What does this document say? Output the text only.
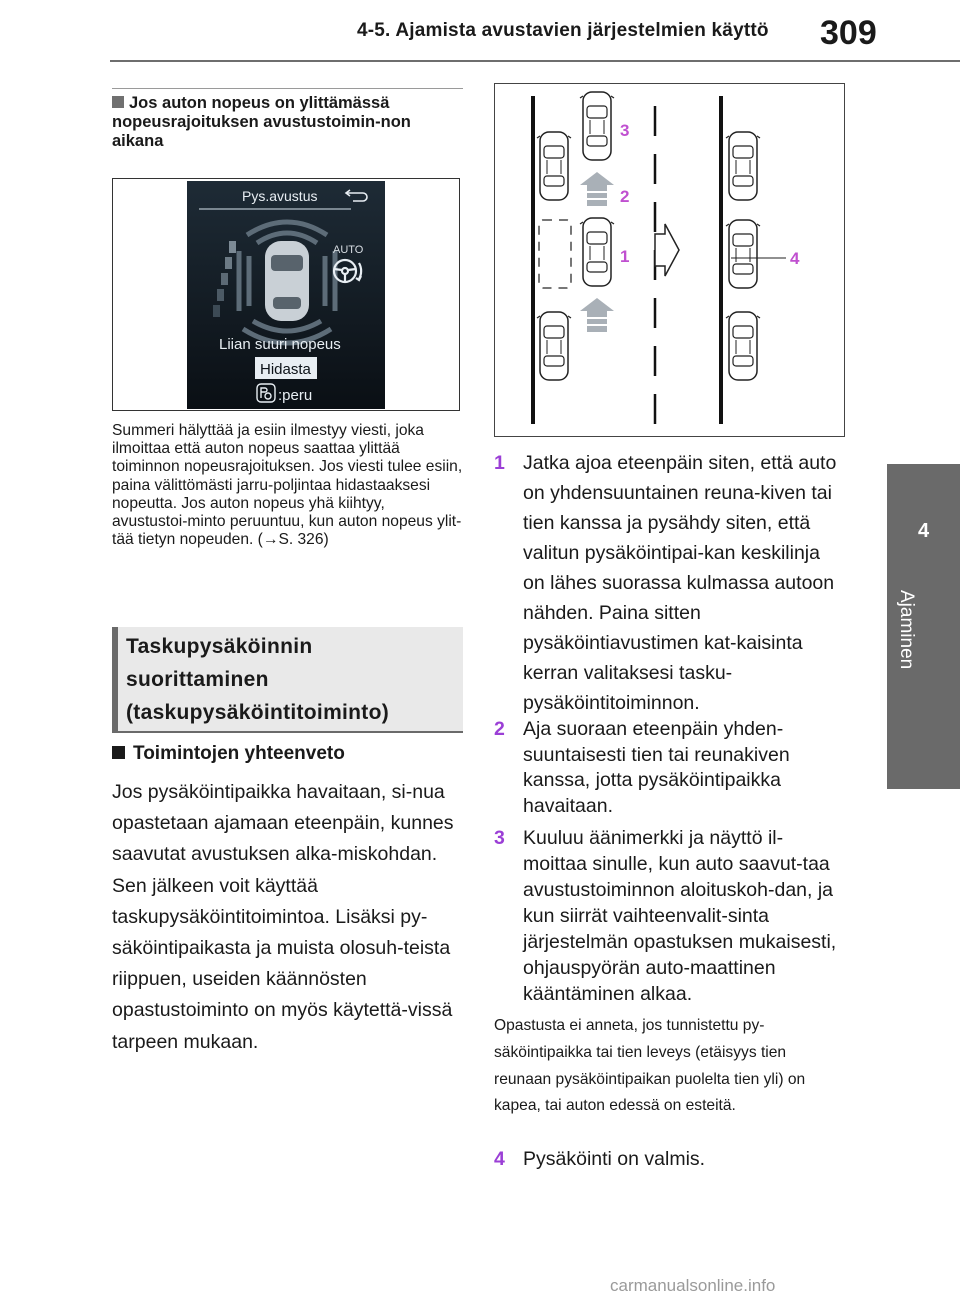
4-5. Ajamista avustavien järjestelmien käyttö 309
4
Ajaminen
Jos auton nopeus on ylittämässä nopeusrajoituksen avustustoimin-non aikana
Pys.avustus
AUTO
Liian suuri nopeus
Hidasta
:peru
Summeri hälyttää ja esiin ilmestyy viesti, joka ilmoittaa että auton nopeus saattaa ylittää toiminnon nopeusrajoituksen. Jos viesti tulee esiin, paina välittömästi jarru-poljintaa hidastaaksesi nopeutta. Jos auton nopeus yhä kiihtyy, avustustoi-minto peruuntuu, kun auton nopeus ylit-tää tietyn nopeuden. (→S. 326)
Taskupysäköinnin
suorittaminen
(taskupysäköintitoiminto)
Toimintojen yhteenveto
Jos pysäköintipaikka havaitaan, si-nua opastetaan ajamaan eteenpäin, kunnes saavutat avustuksen alka-miskohdan. Sen jälkeen voit käyttää taskupysäköintitoimintoa. Lisäksi py-säköintipaikasta ja muista olosuh-teista riippuen, useiden käännösten opastustoiminto on myös käytettä-vissä tarpeen mukaan.
3
2
1	4
1 Jatka ajoa eteenpäin siten, että auto on yhdensuuntainen reuna-kiven tai tien kanssa ja pysähdy siten, että valitun pysäköintipai-kan keskilinja on lähes suorassa kulmassa autoon nähden. Paina sitten pysäköintiavustimen kat-kaisinta kerran valitaksesi tasku-pysäköintitoiminnon.
2 Aja suoraan eteenpäin yhden-suuntaisesti tien tai reunakiven kanssa, jotta pysäköintipaikka havaitaan.
3 Kuuluu äänimerkki ja näyttö il-moittaa sinulle, kun auto saavut-taa avustustoiminnon aloituskoh-dan, ja kun siirrät vaihteenvalit-sinta järjestelmän opastuksen mukaisesti, ohjauspyörän auto-maattinen kääntäminen alkaa.
Opastusta ei anneta, jos tunnistettu py-säköintipaikka tai tien leveys (etäisyys tien reunaan pysäköintipaikan puolelta tien yli) on kapea, tai auton edessä on esteitä.
4 Pysäköinti on valmis.
carmanualsonline.info
